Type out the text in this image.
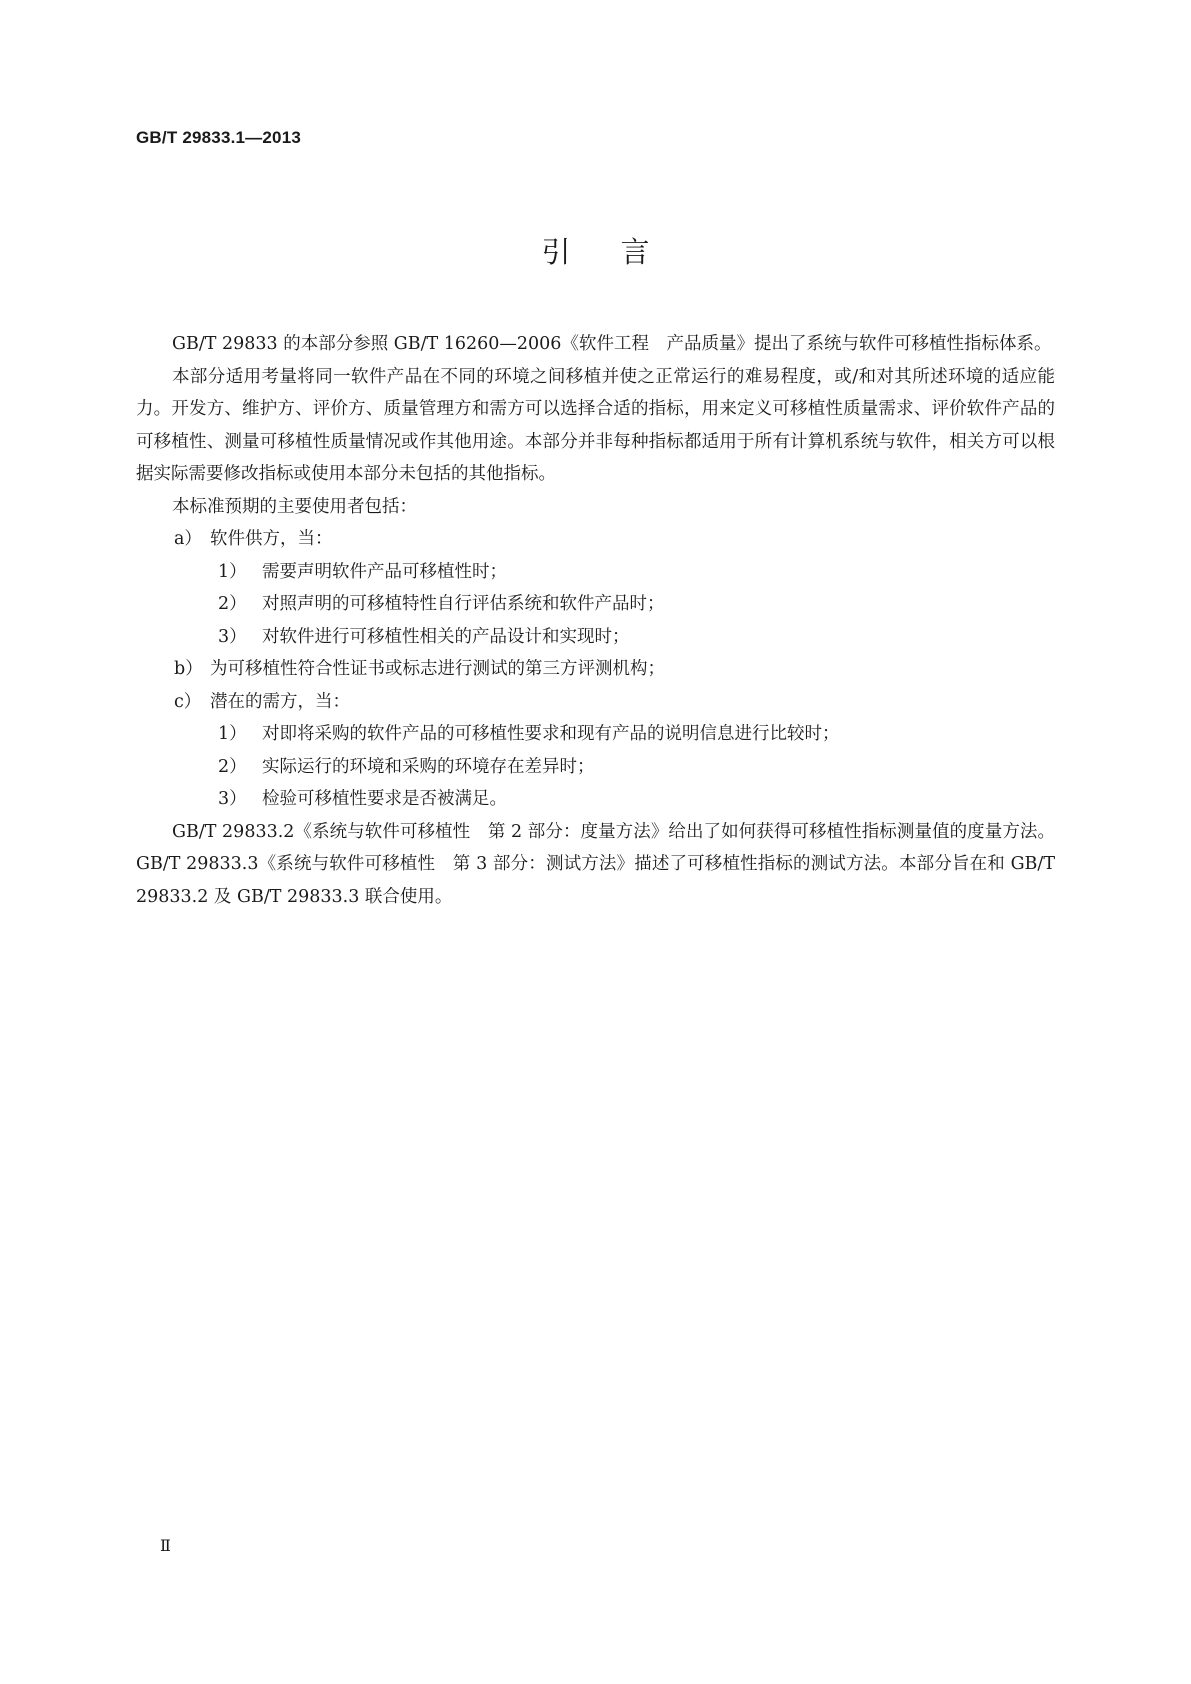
GB/T 29833.1—2013
引言

GB/T 29833 的本部分参照 GB/T 16260—2006《软件工程　产品质量》提出了系统与软件可移植性指标体系。

本部分适用考量将同一软件产品在不同的环境之间移植并使之正常运行的难易程度，或/和对其所述环境的适应能力。开发方、维护方、评价方、质量管理方和需方可以选择合适的指标，用来定义可移植性质量需求、评价软件产品的可移植性、测量可移植性质量情况或作其他用途。本部分并非每种指标都适用于所有计算机系统与软件，相关方可以根据实际需要修改指标或使用本部分未包括的其他指标。

本标准预期的主要使用者包括：

a） 软件供方，当：
1） 需要声明软件产品可移植性时；
2） 对照声明的可移植特性自行评估系统和软件产品时；
3） 对软件进行可移植性相关的产品设计和实现时；
b） 为可移植性符合性证书或标志进行测试的第三方评测机构；
c） 潜在的需方，当：
1） 对即将采购的软件产品的可移植性要求和现有产品的说明信息进行比较时；
2） 实际运行的环境和采购的环境存在差异时；
3） 检验可移植性要求是否被满足。

GB/T 29833.2《系统与软件可移植性　第 2 部分：度量方法》给出了如何获得可移植性指标测量值的度量方法。GB/T 29833.3《系统与软件可移植性　第 3 部分：测试方法》描述了可移植性指标的测试方法。本部分旨在和 GB/T 29833.2 及 GB/T 29833.3 联合使用。

Ⅱ
